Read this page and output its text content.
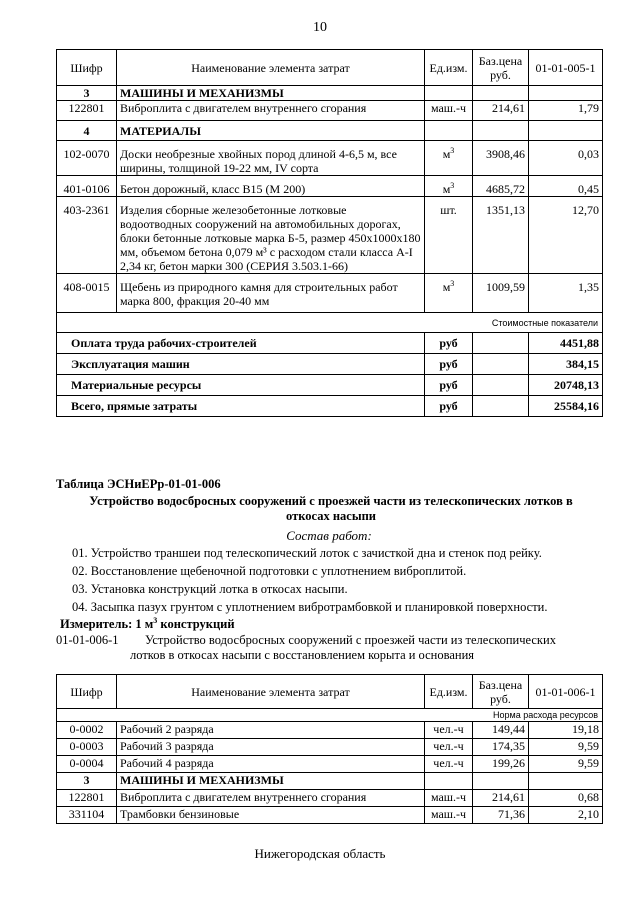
10
Шифр	Наименование элемента затрат	Ед.изм.	Баз.цена руб.	01-01-005-1
3	МАШИНЫ И МЕХАНИЗМЫ			
122801	Виброплита с двигателем внутреннего сгорания	маш.-ч	214,61	1,79
4	МАТЕРИАЛЫ			
102-0070	Доски необрезные хвойных пород длиной 4-6,5 м, все ширины, толщиной 19-22 мм, IV сорта	$м^3$	3908,46	0,03
401-0106	Бетон дорожный, класс В15 (М 200)	$м^3$	4685,72	0,45
403-2361	Изделия сборные железобетонные лотковые водоотводных сооружений на автомобильных дорогах, блоки бетонные лотковые марка Б-5, размер 450x1000x180 мм, объемом бетона 0,079 м³ с расходом стали класса А-I 2,34 кг, бетон марки 300 (СЕРИЯ 3.503.1-66)	шт.	1351,13	12,70
408-0015	Щебень из природного камня для строительных работ марка 800, фракция 20-40 мм	$м^3$	1009,59	1,35
Стоимостные показатели				
Оплата труда рабочих-строителей		руб		4451,88
Эксплуатация машин		руб		384,15
Материальные ресурсы		руб		20748,13
Всего, прямые затраты		руб		25584,16
Таблица ЭСНиЕРр-01-01-006
Устройство водосбросных сооружений с проезжей части из телескопических лотков в откосах насыпи
Состав работ:
01. Устройство траншеи под телескопический лоток с зачисткой дна и стенок под рейку.
02. Восстановление щебеночной подготовки с уплотнением виброплитой.
03. Установка конструкций лотка в откосах насыпи.
04. Засыпка пазух грунтом с уплотнением вибротрамбовкой и планировкой поверхности.
Измеритель: 1 $м^3$ конструкций
01-01-006-1	Устройство водосбросных сооружений с проезжей части из телескопических лотков в откосах насыпи с восстановлением корыта и основания
Шифр	Наименование элемента затрат	Ед.изм.	Баз.цена руб.	01-01-006-1
Норма расхода ресурсов				
0-0002	Рабочий 2 разряда	чел.-ч	149,44	19,18
0-0003	Рабочий 3 разряда	чел.-ч	174,35	9,59
0-0004	Рабочий 4 разряда	чел.-ч	199,26	9,59
3	МАШИНЫ И МЕХАНИЗМЫ			
122801	Виброплита с двигателем внутреннего сгорания	маш.-ч	214,61	0,68
331104	Трамбовки бензиновые	маш.-ч	71,36	2,10
Нижегородская область
